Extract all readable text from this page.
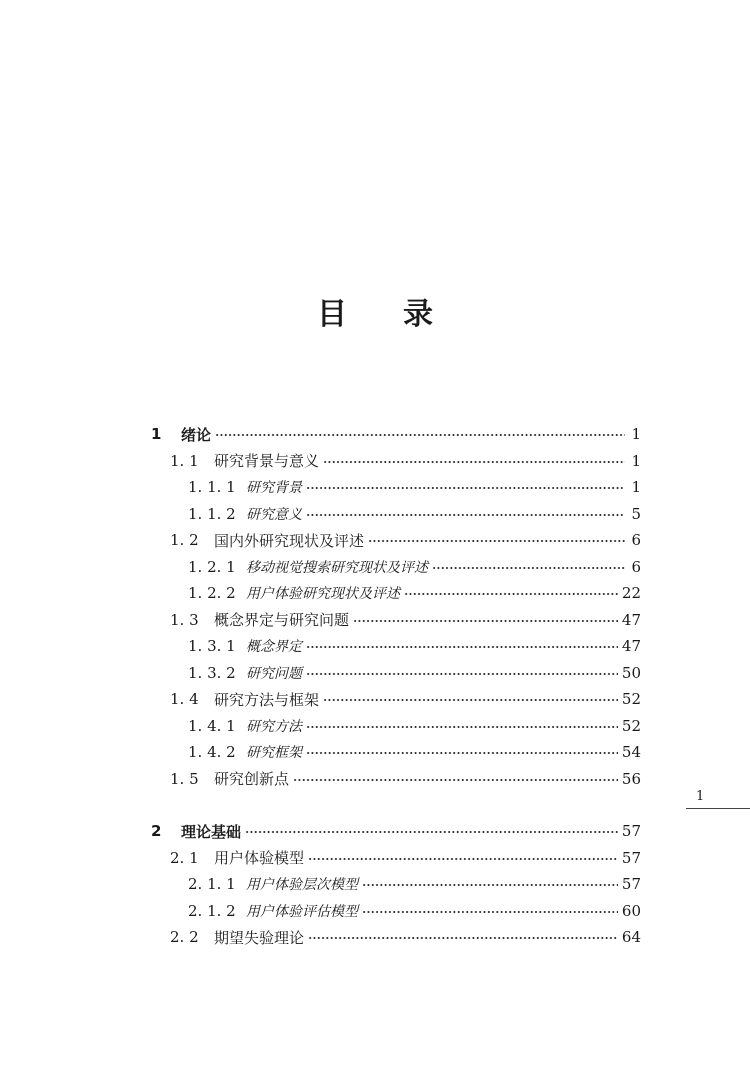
目 录
1	绪论	1
1. 1	研究背景与意义	1
1. 1. 1 研究背景	1
1. 1. 2 研究意义	5
1. 2	国内外研究现状及评述	6
1. 2. 1 移动视觉搜索研究现状及评述	6
1. 2. 2 用户体验研究现状及评述	22
1. 3	概念界定与研究问题	47
1. 3. 1 概念界定	47
1. 3. 2 研究问题	50
1. 4	研究方法与框架	52
1. 4. 1 研究方法	52
1. 4. 2 研究框架	54
1. 5	研究创新点	56
2	理论基础	57
2. 1	用户体验模型	57
2. 1. 1 用户体验层次模型	57
2. 1. 2 用户体验评估模型	60
2. 2	期望失验理论	64
1
